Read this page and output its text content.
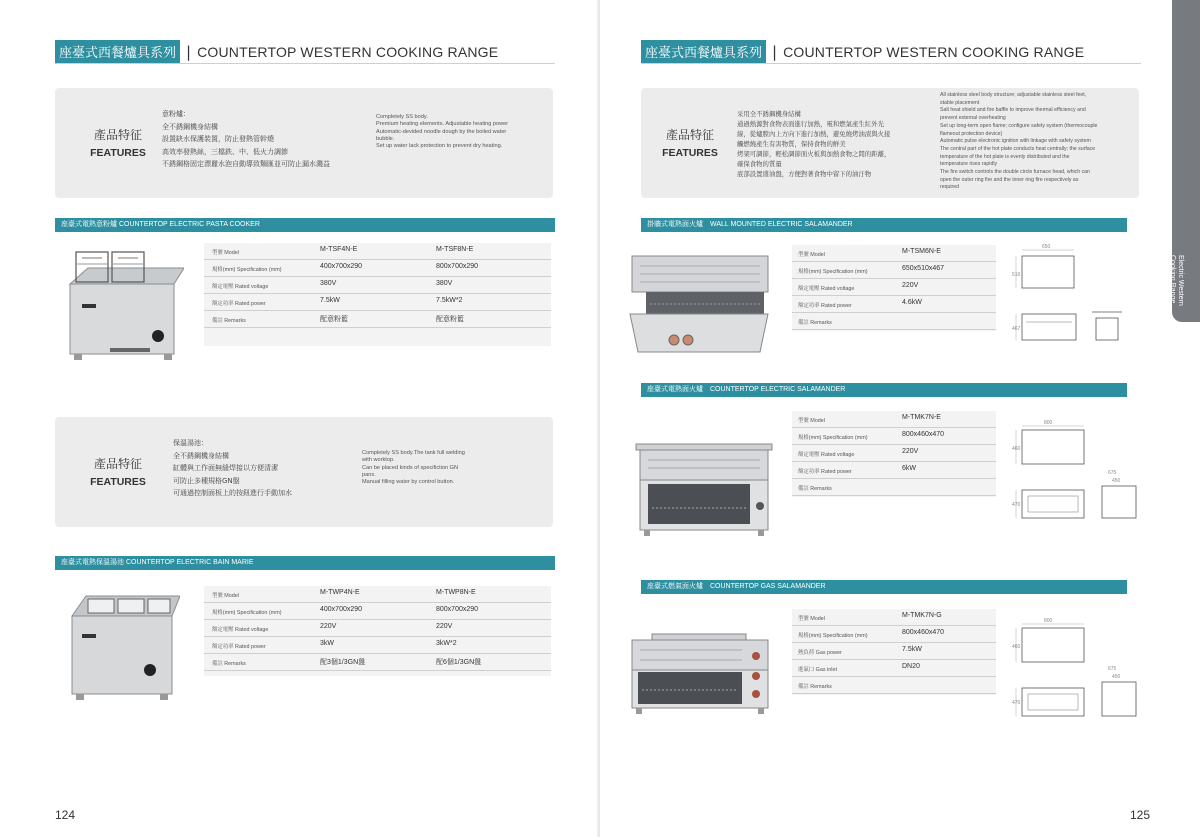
座臺式西餐爐具系列 | COUNTERTOP WESTERN COOKING RANGE
產品特征
FEATURES
意粉爐：
全不銹鋼機身結構
設置缺水保護裝置，防止發熱管幹燒
高效率發熱絲，三檔鉄、中、低火力調節
不銹鋼格固定漂麗水泡自動導致麵匯並可防止漏水濺益
Completely SS body.
Premium heating elements. Adjustable heating power
Automatic-devided noodle dough by the boiled water
bubble.
Set up water lack protection to prevent dry heating.
座臺式電熱意粉爐 COUNTERTOP ELECTRIC PASTA COOKER
型號 Model	M-TSF4N-E	M-TSF8N-E
規格(mm) Specification (mm)	400x700x290	800x700x290
額定電壓 Rated voltage	380V	380V
額定功率 Rated power	7.5kW	7.5kW*2
備註 Remarks	配意粉籃	配意粉籃
產品特征
FEATURES
保溫湯池：
全不銹鋼機身結構
缸體與工作面無縫焊接以方便清潔
可防止多種規格GN盤
可通過控制面板上的按鈕進行手動加水
Completely SS body.The tank full welding
with worktop.
Can be placed kinds of specifiction GN
pans.
Manual filling water by control button.
座臺式電熱保溫湯池 COUNTERTOP ELECTRIC BAIN MARIE
型號 Model	M-TWP4N-E	M-TWP8N-E
規格(mm) Specification (mm)	400x700x290	800x700x290
額定電壓 Rated voltage	220V	220V
額定功率 Rated power	3kW	3kW*2
備註 Remarks	配3個1/3GN盤	配6個1/3GN盤
124
座臺式西餐爐具系列 | COUNTERTOP WESTERN COOKING RANGE
產品特征
FEATURES
采用全不銹鋼機身結構
通過熱源對食物表面進行加熱，電和燃氣產生紅外光
線，從爐膛內上方向下進行加熱，避免燒烤油漬與火接
觸燃燒產生有害物質，保持食物的鮮美
烤架可調節，輕松調節面火板與加熱食物之間的距離，
確保食物的質量
底部設置盛油盤，方便對著食物中留下的油汙物
All stainless steel body structure; adjustable stainless steel feet,
stable placement
Salt heat shield and fire baffle to improve thermal efficiency and
prevent external overheating
Set up long-term open flame; configure safety system (thermocouple
flameout protection device)
Automatic pulse electronic ignition with linkage with safety system
The central part of the hot plate conducts heat centrally; the surface
temperature of the hot plate is evenly distributed and the
temperature rises rapidly
The fire switch controls the double circle furnace head, which can
open the outer ring fire and the inner ring fire respectively as
required
掛牆式電熱面火爐　WALL MOUNTED ELECTRIC SALAMANDER
型號 Model	M-TSM6N-E
規格(mm) Specification (mm)	650x510x467
額定電壓 Rated voltage	220V
額定功率 Rated power	4.6kW
備註 Remarks
650
510
467
座臺式電熱面火爐　COUNTERTOP ELECTRIC SALAMANDER
型號 Model	M-TMK7N-E
規格(mm) Specification (mm)	800x460x470
額定電壓 Rated voltage	220V
額定功率 Rated power	6kW
備註 Remarks
800
460
470
675
450
座臺式燃氣面火爐　COUNTERTOP GAS SALAMANDER
型號 Model	M-TMK7N-G
規格(mm) Specification (mm)	800x460x470
熱負荷 Gas power	7.5kW
進氣口 Gas inlet	DN20
備註 Remarks
800
460
470
675
450
125
Electric Western
Cooking Range
